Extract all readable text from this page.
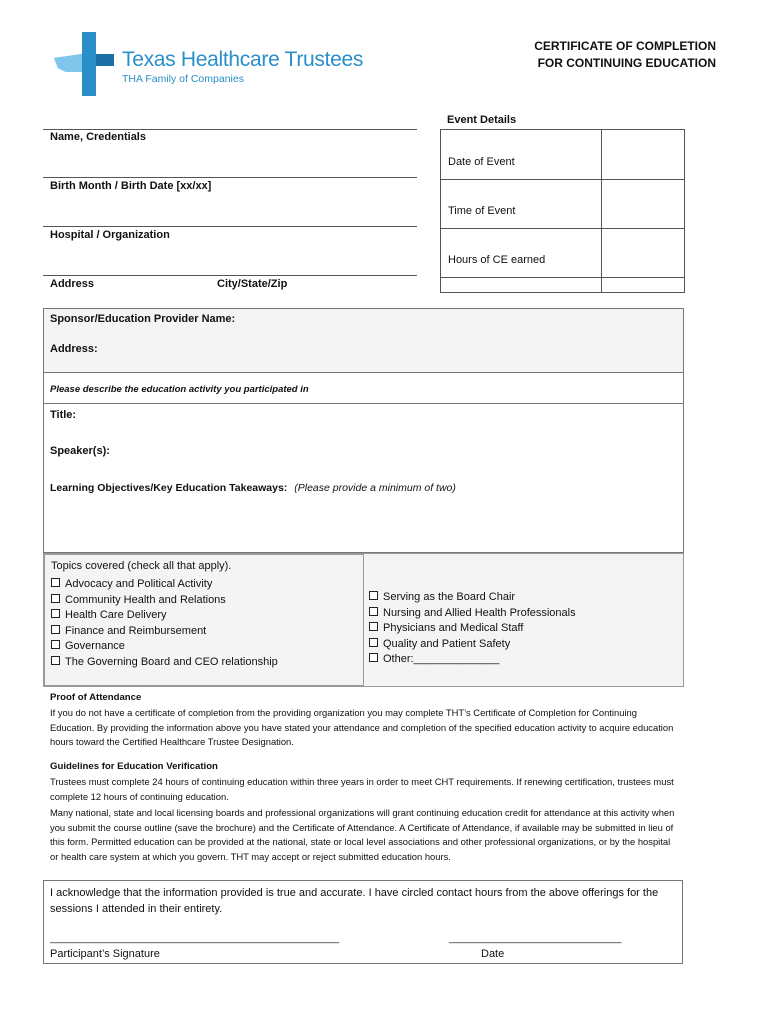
Texas Healthcare Trustees
THA Family of Companies
CERTIFICATE OF COMPLETION
FOR CONTINUING EDUCATION
Name, Credentials
Birth Month / Birth Date [xx/xx]
Hospital / Organization
Address	City/State/Zip
Event Details
Date of Event
Time of Event
Hours of CE earned
Sponsor/Education Provider Name:
Address:
Please describe the education activity you participated in
Title:
Speaker(s):
Learning Objectives/Key Education Takeaways: (Please provide a minimum of two)
Topics covered (check all that apply).
Advocacy and Political Activity
Community Health and Relations
Health Care Delivery
Finance and Reimbursement
Governance
The Governing Board and CEO relationship
Serving as the Board Chair
Nursing and Allied Health Professionals
Physicians and Medical Staff
Quality and Patient Safety
Other:______________
Proof of Attendance
If you do not have a certificate of completion from the providing organization you may complete THT’s Certificate of Completion for Continuing Education. By providing the information above you have stated your attendance and completion of the specified education activity to acquire education hours toward the Certified Healthcare Trustee Designation.
Guidelines for Education Verification
Trustees must complete 24 hours of continuing education within three years in order to meet CHT requirements. If renewing certification, trustees must complete 12 hours of continuing education.
Many national, state and local licensing boards and professional organizations will grant continuing education credit for attendance at this activity when you submit the course outline (save the brochure) and the Certificate of Attendance. A Certificate of Attendance, if available may be submitted in lieu of this form. Permitted education can be provided at the national, state or local level associations and other professional organizations, or by the hospital or health care system at which you govern. THT may accept or reject submitted education hours.
I acknowledge that the information provided is true and accurate. I have circled contact hours from the above offerings for the sessions I attended in their entirety.
____________________________________________________	_______________________________
Participant’s Signature	Date
